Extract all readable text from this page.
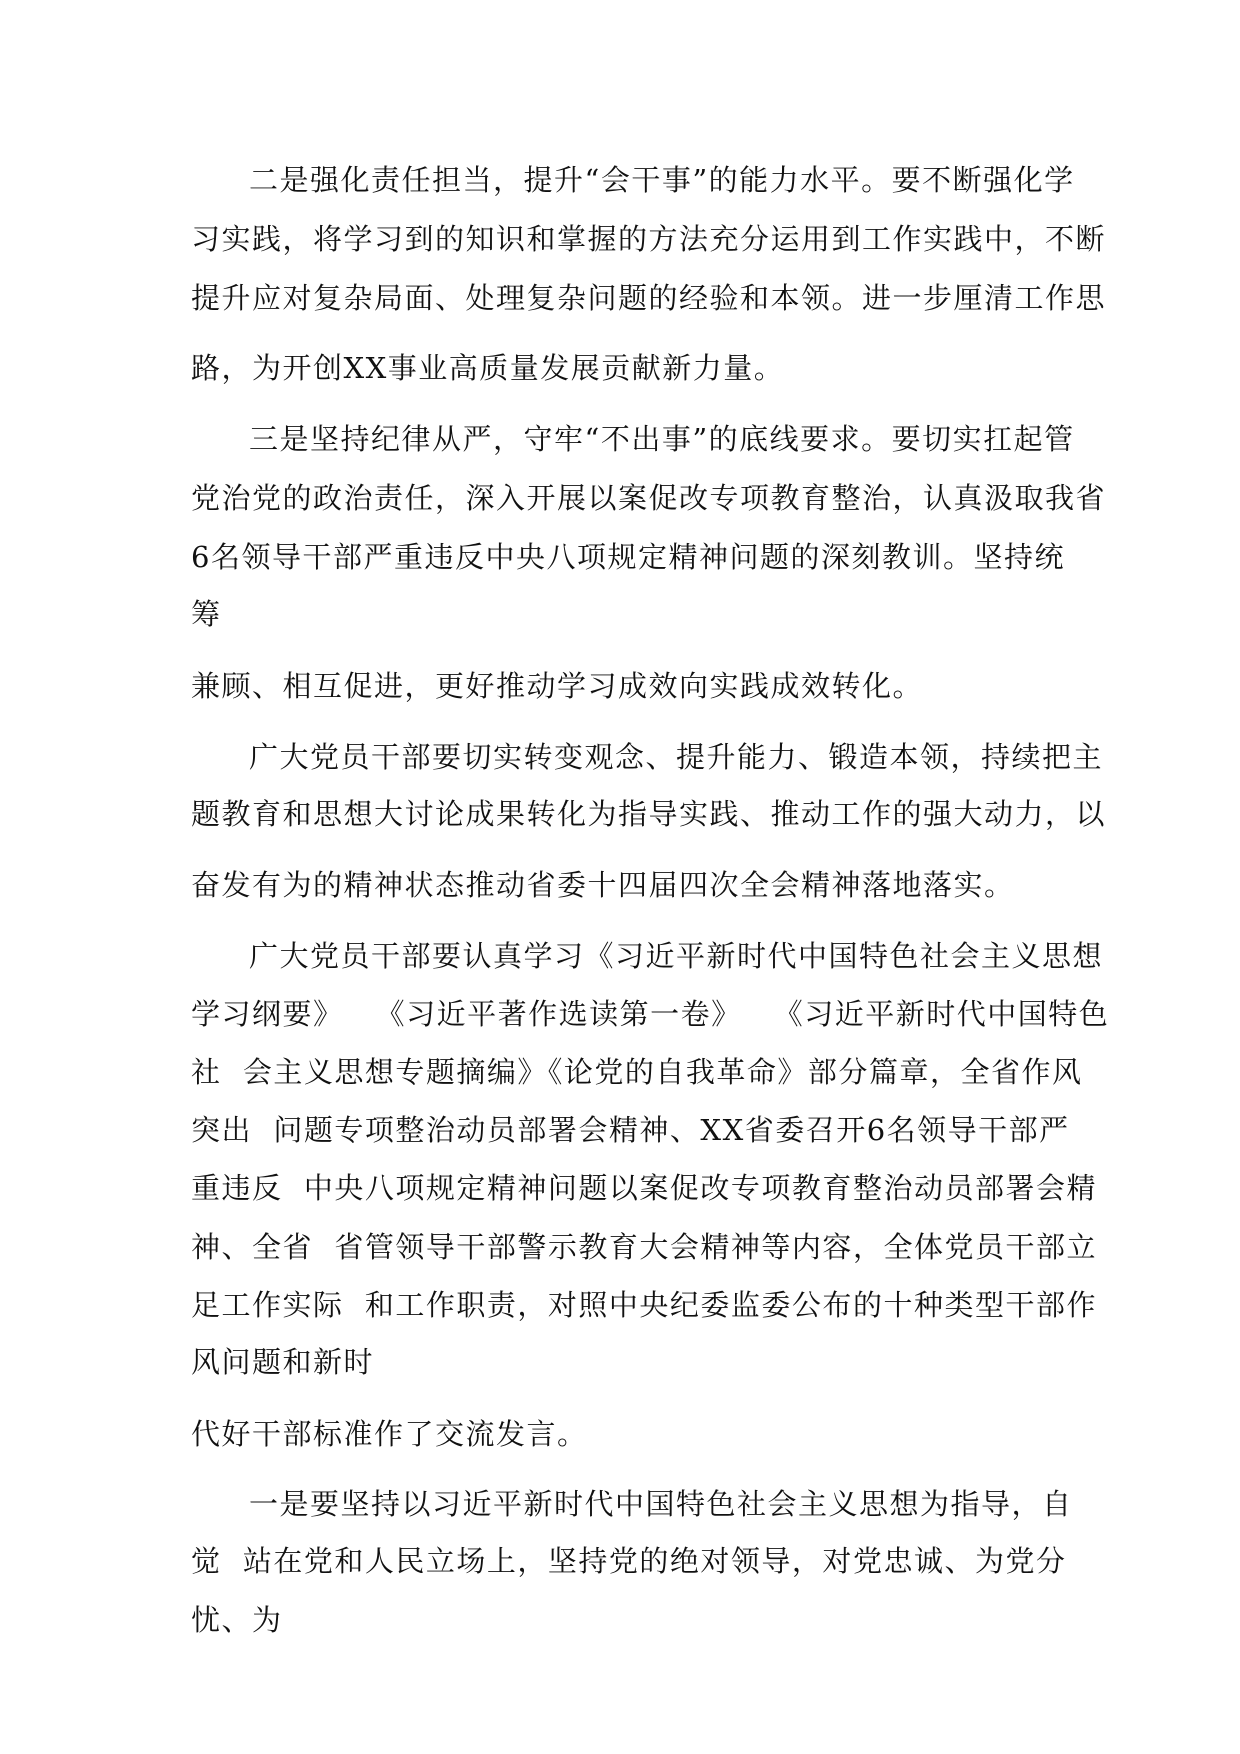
二是强化责任担当，提升“会干事”的能力水平。要不断强化学
习实践，将学习到的知识和掌握的方法充分运用到工作实践中，不断
提升应对复杂局面、处理复杂问题的经验和本领。进一步厘清工作思
路，为开创XX事业高质量发展贡献新力量。
三是坚持纪律从严，守牢“不出事”的底线要求。要切实扛起管
党治党的政治责任，深入开展以案促改专项教育整治，认真汲取我省
6名领导干部严重违反中央八项规定精神问题的深刻教训。坚持统
筹
兼顾、相互促进，更好推动学习成效向实践成效转化。
广大党员干部要切实转变观念、提升能力、锻造本领，持续把主
题教育和思想大讨论成果转化为指导实践、推动工作的强大动力，以
奋发有为的精神状态推动省委十四届四次全会精神落地落实。
广大党员干部要认真学习《习近平新时代中国特色社会主义思想
学习纲要》   《习近平著作选读第一卷》   《习近平新时代中国特色
社  会主义思想专题摘编》《论党的自我革命》部分篇章，全省作风
突出  问题专项整治动员部署会精神、XX省委召开6名领导干部严
重违反  中央八项规定精神问题以案促改专项教育整治动员部署会精
神、全省  省管领导干部警示教育大会精神等内容，全体党员干部立
足工作实际  和工作职责，对照中央纪委监委公布的十种类型干部作
风问题和新时
代好干部标准作了交流发言。
一是要坚持以习近平新时代中国特色社会主义思想为指导，自
觉  站在党和人民立场上，坚持党的绝对领导，对党忠诚、为党分
忧、为
